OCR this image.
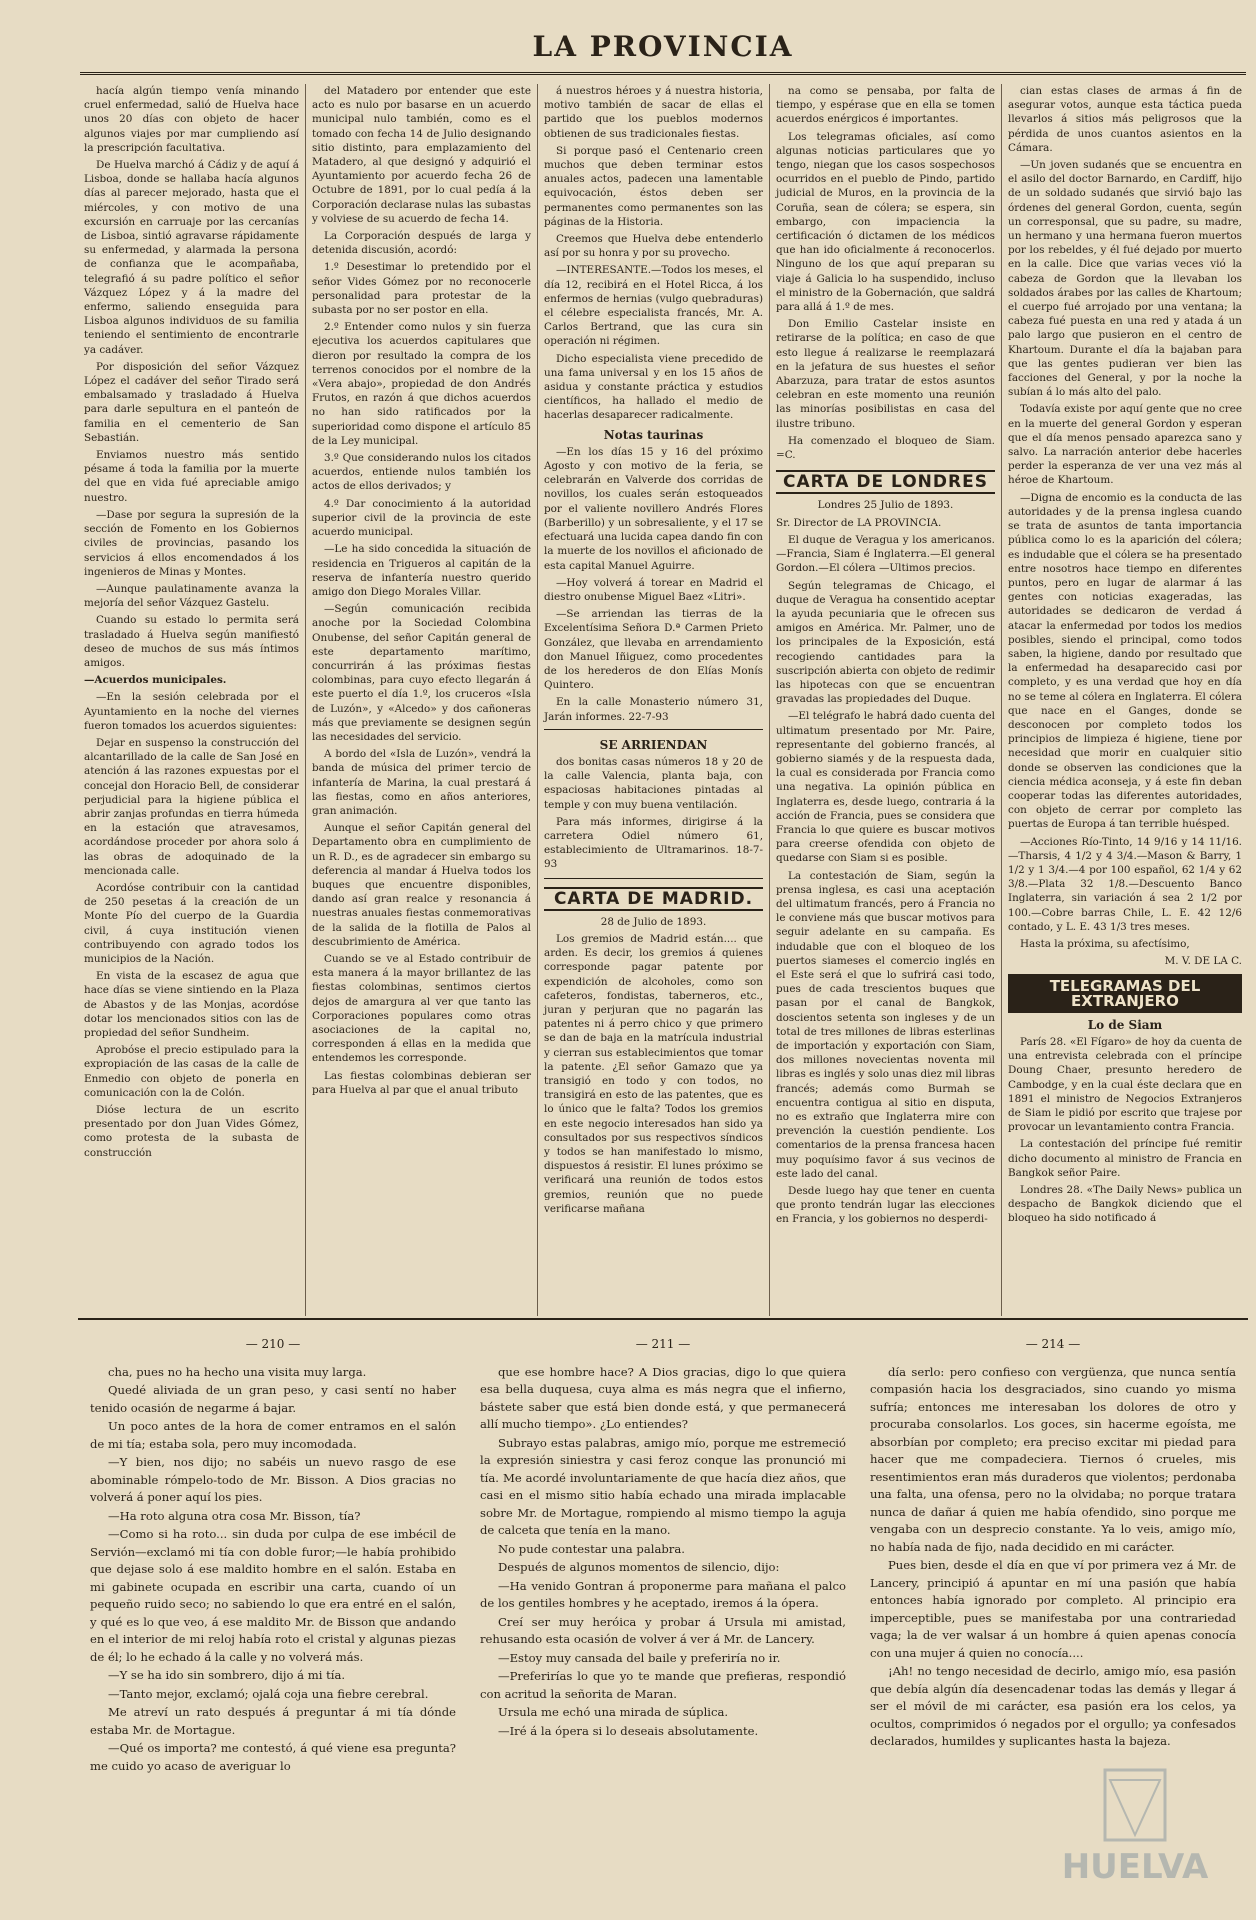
LA PROVINCIA

hacía algún tiempo venía minando cruel enfermedad, salió de Huelva hace unos 20 días con objeto de hacer algunos viajes por mar cumpliendo así la prescripción facultativa.

De Huelva marchó á Cádiz y de aquí á Lisboa, donde se hallaba hacía algunos días al parecer mejorado, hasta que el miércoles, y con motivo de una excursión en carruaje por las cercanías de Lisboa, sintió agravarse rápidamente su enfermedad, y alarmada la persona de confianza que le acompañaba, telegrafió á su padre político el señor Vázquez López y á la madre del enfermo, saliendo enseguida para Lisboa algunos individuos de su familia teniendo el sentimiento de encontrarle ya cadáver.

Por disposición del señor Vázquez López el cadáver del señor Tirado será embalsamado y trasladado á Huelva para darle sepultura en el panteón de familia en el cementerio de San Sebastián.

Enviamos nuestro más sentido pésame á toda la familia por la muerte del que en vida fué apreciable amigo nuestro.

—Dase por segura la supresión de la sección de Fomento en los Gobiernos civiles de provincias, pasando los servicios á ellos encomendados á los ingenieros de Minas y Montes.

—Aunque paulatinamente avanza la mejoría del señor Vázquez Gastelu.

Cuando su estado lo permita será trasladado á Huelva según manifiestó deseo de muchos de sus más íntimos amigos.

—Acuerdos municipales.

—En la sesión celebrada por el Ayuntamiento en la noche del viernes fueron tomados los acuerdos siguientes:

Dejar en suspenso la construcción del alcantarillado de la calle de San José en atención á las razones expuestas por el concejal don Horacio Bell, de considerar perjudicial para la higiene pública el abrir zanjas profundas en tierra húmeda en la estación que atravesamos, acordándose proceder por ahora solo á las obras de adoquinado de la mencionada calle.

Acordóse contribuir con la cantidad de 250 pesetas á la creación de un Monte Pío del cuerpo de la Guardia civil, á cuya institución vienen contribuyendo con agrado todos los municipios de la Nación.

En vista de la escasez de agua que hace días se viene sintiendo en la Plaza de Abastos y de las Monjas, acordóse dotar los mencionados sitios con las de propiedad del señor Sundheim.

Aprobóse el precio estipulado para la expropiación de las casas de la calle de Enmedio con objeto de ponerla en comunicación con la de Colón.

Dióse lectura de un escrito presentado por don Juan Vides Gómez, como protesta de la subasta de construcción

del Matadero por entender que este acto es nulo por basarse en un acuerdo municipal nulo también, como es el tomado con fecha 14 de Julio designando sitio distinto, para emplazamiento del Matadero, al que designó y adquirió el Ayuntamiento por acuerdo fecha 26 de Octubre de 1891, por lo cual pedía á la Corporación declarase nulas las subastas y volviese de su acuerdo de fecha 14.

La Corporación después de larga y detenida discusión, acordó:

1.º Desestimar lo pretendido por el señor Vides Gómez por no reconocerle personalidad para protestar de la subasta por no ser postor en ella.

2.º Entender como nulos y sin fuerza ejecutiva los acuerdos capitulares que dieron por resultado la compra de los terrenos conocidos por el nombre de la «Vera abajo», propiedad de don Andrés Frutos, en razón á que dichos acuerdos no han sido ratificados por la superioridad como dispone el artículo 85 de la Ley municipal.

3.º Que considerando nulos los citados acuerdos, entiende nulos también los actos de ellos derivados; y

4.º Dar conocimiento á la autoridad superior civil de la provincia de este acuerdo municipal.

—Le ha sido concedida la situación de residencia en Trigueros al capitán de la reserva de infantería nuestro querido amigo don Diego Morales Villar.

—Según comunicación recibida anoche por la Sociedad Colombina Onubense, del señor Capitán general de este departamento marítimo, concurrirán á las próximas fiestas colombinas, para cuyo efecto llegarán á este puerto el día 1.º, los cruceros «Isla de Luzón», y «Alcedo» y dos cañoneras más que previamente se designen según las necesidades del servicio.

A bordo del «Isla de Luzón», vendrá la banda de música del primer tercio de infantería de Marina, la cual prestará á las fiestas, como en años anteriores, gran animación.

Aunque el señor Capitán general del Departamento obra en cumplimiento de un R. D., es de agradecer sin embargo su deferencia al mandar á Huelva todos los buques que encuentre disponibles, dando así gran realce y resonancia á nuestras anuales fiestas conmemorativas de la salida de la flotilla de Palos al descubrimiento de América.

Cuando se ve al Estado contribuir de esta manera á la mayor brillantez de las fiestas colombinas, sentimos ciertos dejos de amargura al ver que tanto las Corporaciones populares como otras asociaciones de la capital no, corresponden á ellas en la medida que entendemos les corresponde.

Las fiestas colombinas debieran ser para Huelva al par que el anual tributo

á nuestros héroes y á nuestra historia, motivo también de sacar de ellas el partido que los pueblos modernos obtienen de sus tradicionales fiestas.

Si porque pasó el Centenario creen muchos que deben terminar estos anuales actos, padecen una lamentable equivocación, éstos deben ser permanentes como permanentes son las páginas de la Historia.

Creemos que Huelva debe entenderlo así por su honra y por su provecho.

—INTERESANTE.—Todos los meses, el día 12, recibirá en el Hotel Ricca, á los enfermos de hernias (vulgo quebraduras) el célebre especialista francés, Mr. A. Carlos Bertrand, que las cura sin operación ni régimen.

Dicho especialista viene precedido de una fama universal y en los 15 años de asidua y constante práctica y estudios científicos, ha hallado el medio de hacerlas desaparecer radicalmente.

Notas taurinas

—En los días 15 y 16 del próximo Agosto y con motivo de la feria, se celebrarán en Valverde dos corridas de novillos, los cuales serán estoqueados por el valiente novillero Andrés Flores (Barberillo) y un sobresaliente, y el 17 se efectuará una lucida capea dando fin con la muerte de los novillos el aficionado de esta capital Manuel Aguirre.

—Hoy volverá á torear en Madrid el diestro onubense Miguel Baez «Litri».

—Se arriendan las tierras de la Excelentísima Señora D.ª Carmen Prieto González, que llevaba en arrendamiento don Manuel Iñiguez, como procedentes de los herederos de don Elías Monís Quintero.

En la calle Monasterio número 31, Jarán informes. 22-7-93

SE ARRIENDAN

dos bonitas casas números 18 y 20 de la calle Valencia, planta baja, con espaciosas habitaciones pintadas al temple y con muy buena ventilación.

Para más informes, dirigirse á la carretera Odiel número 61, establecimiento de Ultramarinos. 18-7-93

CARTA DE MADRID.
28 de Julio de 1893.

Los gremios de Madrid están.... que arden. Es decir, los gremios á quienes corresponde pagar patente por expendición de alcoholes, como son cafeteros, fondistas, taberneros, etc., juran y perjuran que no pagarán las patentes ni á perro chico y que primero se dan de baja en la matrícula industrial y cierran sus establecimientos que tomar la patente. ¿El señor Gamazo que ya transigió en todo y con todos, no transigirá en esto de las patentes, que es lo único que le falta? Todos los gremios en este negocio interesados han sido ya consultados por sus respectivos síndicos y todos se han manifestado lo mismo, dispuestos á resistir. El lunes próximo se verificará una reunión de todos estos gremios, reunión que no puede verificarse mañana

na como se pensaba, por falta de tiempo, y espérase que en ella se tomen acuerdos enérgicos é importantes.

Los telegramas oficiales, así como algunas noticias particulares que yo tengo, niegan que los casos sospechosos ocurridos en el pueblo de Pindo, partido judicial de Muros, en la provincia de la Coruña, sean de cólera; se espera, sin embargo, con impaciencia la certificación ó dictamen de los médicos que han ido oficialmente á reconocerlos. Ninguno de los que aquí preparan su viaje á Galicia lo ha suspendido, incluso el ministro de la Gobernación, que saldrá para allá á 1.º de mes.

Don Emilio Castelar insiste en retirarse de la política; en caso de que esto llegue á realizarse le reemplazará en la jefatura de sus huestes el señor Abarzuza, para tratar de estos asuntos celebran en este momento una reunión las minorías posibilistas en casa del ilustre tribuno.

Ha comenzado el bloqueo de Siam. =C.

CARTA DE LONDRES
Londres 25 Julio de 1893.

Sr. Director de LA PROVINCIA.

El duque de Veragua y los americanos. —Francia, Siam é Inglaterra.—El general Gordon.—El cólera —Ultimos precios.

Según telegramas de Chicago, el duque de Veragua ha consentido aceptar la ayuda pecuniaria que le ofrecen sus amigos en América. Mr. Palmer, uno de los principales de la Exposición, está recogiendo cantidades para la suscripción abierta con objeto de redimir las hipotecas con que se encuentran gravadas las propiedades del Duque.

—El telégrafo le habrá dado cuenta del ultimatum presentado por Mr. Paire, representante del gobierno francés, al gobierno siamés y de la respuesta dada, la cual es considerada por Francia como una negativa. La opinión pública en Inglaterra es, desde luego, contraria á la acción de Francia, pues se considera que Francia lo que quiere es buscar motivos para creerse ofendida con objeto de quedarse con Siam si es posible.

La contestación de Siam, según la prensa inglesa, es casi una aceptación del ultimatum francés, pero á Francia no le conviene más que buscar motivos para seguir adelante en su campaña. Es indudable que con el bloqueo de los puertos siameses el comercio inglés en el Este será el que lo sufrirá casi todo, pues de cada trescientos buques que pasan por el canal de Bangkok, doscientos setenta son ingleses y de un total de tres millones de libras esterlinas de importación y exportación con Siam, dos millones novecientas noventa mil libras es inglés y solo unas diez mil libras francés; además como Burmah se encuentra contigua al sitio en disputa, no es extraño que Inglaterra mire con prevención la cuestión pendiente. Los comentarios de la prensa francesa hacen muy poquísimo favor á sus vecinos de este lado del canal.

Desde luego hay que tener en cuenta que pronto tendrán lugar las elecciones en Francia, y los gobiernos no desperdi-

cian estas clases de armas á fin de asegurar votos, aunque esta táctica pueda llevarlos á sitios más peligrosos que la pérdida de unos cuantos asientos en la Cámara.

—Un joven sudanés que se encuentra en el asilo del doctor Barnardo, en Cardiff, hijo de un soldado sudanés que sirvió bajo las órdenes del general Gordon, cuenta, según un corresponsal, que su padre, su madre, un hermano y una hermana fueron muertos por los rebeldes, y él fué dejado por muerto en la calle. Dice que varias veces vió la cabeza de Gordon que la llevaban los soldados árabes por las calles de Khartoum; el cuerpo fué arrojado por una ventana; la cabeza fué puesta en una red y atada á un palo largo que pusieron en el centro de Khartoum. Durante el día la bajaban para que las gentes pudieran ver bien las facciones del General, y por la noche la subían á lo más alto del palo.

Todavía existe por aquí gente que no cree en la muerte del general Gordon y esperan que el día menos pensado aparezca sano y salvo. La narración anterior debe hacerles perder la esperanza de ver una vez más al héroe de Khartoum.

—Digna de encomio es la conducta de las autoridades y de la prensa inglesa cuando se trata de asuntos de tanta importancia pública como lo es la aparición del cólera; es indudable que el cólera se ha presentado entre nosotros hace tiempo en diferentes puntos, pero en lugar de alarmar á las gentes con noticias exageradas, las autoridades se dedicaron de verdad á atacar la enfermedad por todos los medios posibles, siendo el principal, como todos saben, la higiene, dando por resultado que la enfermedad ha desaparecido casi por completo, y es una verdad que hoy en día no se teme al cólera en Inglaterra. El cólera que nace en el Ganges, donde se desconocen por completo todos los principios de limpieza é higiene, tiene por necesidad que morir en cualquier sitio donde se observen las condiciones que la ciencia médica aconseja, y á este fin deban cooperar todas las diferentes autoridades, con objeto de cerrar por completo las puertas de Europa á tan terrible huésped.

—Acciones Río-Tinto, 14 9/16 y 14 11/16.—Tharsis, 4 1/2 y 4 3/4.—Mason & Barry, 1 1/2 y 1 3/4.—4 por 100 español, 62 1/4 y 62 3/8.—Plata 32 1/8.—Descuento Banco Inglaterra, sin variación á sea 2 1/2 por 100.—Cobre barras Chile, L. E. 42 12/6 contado, y L. E. 43 1/3 tres meses.

Hasta la próxima, su afectísimo,

M. V. DE LA C.
TELEGRAMAS DEL EXTRANJERO
Lo de Siam

París 28. «El Fígaro» de hoy da cuenta de una entrevista celebrada con el príncipe Doung Chaer, presunto heredero de Cambodge, y en la cual éste declara que en 1891 el ministro de Negocios Extranjeros de Siam le pidió por escrito que trajese por provocar un levantamiento contra Francia.

La contestación del príncipe fué remitir dicho documento al ministro de Francia en Bangkok señor Paire.

Londres 28. «The Daily News» publica un despacho de Bangkok diciendo que el bloqueo ha sido notificado á

— 210 —

cha, pues no ha hecho una visita muy larga.

Quedé aliviada de un gran peso, y casi sentí no haber tenido ocasión de negarme á bajar.

Un poco antes de la hora de comer entramos en el salón de mi tía; estaba sola, pero muy incomodada.

—Y bien, nos dijo; no sabéis un nuevo rasgo de ese abominable rómpelo-todo de Mr. Bisson. A Dios gracias no volverá á poner aquí los pies.

—Ha roto alguna otra cosa Mr. Bisson, tía?

—Como si ha roto... sin duda por culpa de ese imbécil de Servión—exclamó mi tía con doble furor;—le había prohibido que dejase solo á ese maldito hombre en el salón. Estaba en mi gabinete ocupada en escribir una carta, cuando oí un pequeño ruido seco; no sabiendo lo que era entré en el salón, y qué es lo que veo, á ese maldito Mr. de Bisson que andando en el interior de mi reloj había roto el cristal y algunas piezas de él; lo he echado á la calle y no volverá más.

—Y se ha ido sin sombrero, dijo á mi tía.

—Tanto mejor, exclamó; ojalá coja una fiebre cerebral.

Me atreví un rato después á preguntar á mi tía dónde estaba Mr. de Mortague.

—Qué os importa? me contestó, á qué viene esa pregunta? me cuido yo acaso de averiguar lo

— 211 —

que ese hombre hace? A Dios gracias, digo lo que quiera esa bella duquesa, cuya alma es más negra que el infierno, bástete saber que está bien donde está, y que permanecerá allí mucho tiempo». ¿Lo entiendes?

Subrayo estas palabras, amigo mío, porque me estremeció la expresión siniestra y casi feroz conque las pronunció mi tía. Me acordé involuntariamente de que hacía diez años, que casi en el mismo sitio había echado una mirada implacable sobre Mr. de Mortague, rompiendo al mismo tiempo la aguja de calceta que tenía en la mano.

No pude contestar una palabra.

Después de algunos momentos de silencio, dijo:

—Ha venido Gontran á proponerme para mañana el palco de los gentiles hombres y he aceptado, iremos á la ópera.

Creí ser muy heróica y probar á Ursula mi amistad, rehusando esta ocasión de volver á ver á Mr. de Lancery.

—Estoy muy cansada del baile y preferiría no ir.

—Preferirías lo que yo te mande que prefieras, respondió con acritud la señorita de Maran.

Ursula me echó una mirada de súplica.

—Iré á la ópera si lo deseais absolutamente.

— 214 —

día serlo: pero confieso con vergüenza, que nunca sentía compasión hacia los desgraciados, sino cuando yo misma sufría; entonces me interesaban los dolores de otro y procuraba consolarlos. Los goces, sin hacerme egoísta, me absorbían por completo; era preciso excitar mi piedad para hacer que me compadeciera. Tiernos ó crueles, mis resentimientos eran más duraderos que violentos; perdonaba una falta, una ofensa, pero no la olvidaba; no porque tratara nunca de dañar á quien me había ofendido, sino porque me vengaba con un desprecio constante. Ya lo veis, amigo mío, no había nada de fijo, nada decidido en mi carácter.

Pues bien, desde el día en que ví por primera vez á Mr. de Lancery, principió á apuntar en mí una pasión que había entonces había ignorado por completo. Al principio era imperceptible, pues se manifestaba por una contrariedad vaga; la de ver walsar á un hombre á quien apenas conocía con una mujer á quien no conocía....

¡Ah! no tengo necesidad de decirlo, amigo mío, esa pasión que debía algún día desencadenar todas las demás y llegar á ser el móvil de mi carácter, esa pasión era los celos, ya ocultos, comprimidos ó negados por el orgullo; ya confesados declarados, humildes y suplicantes hasta la bajeza.

HUELVA
